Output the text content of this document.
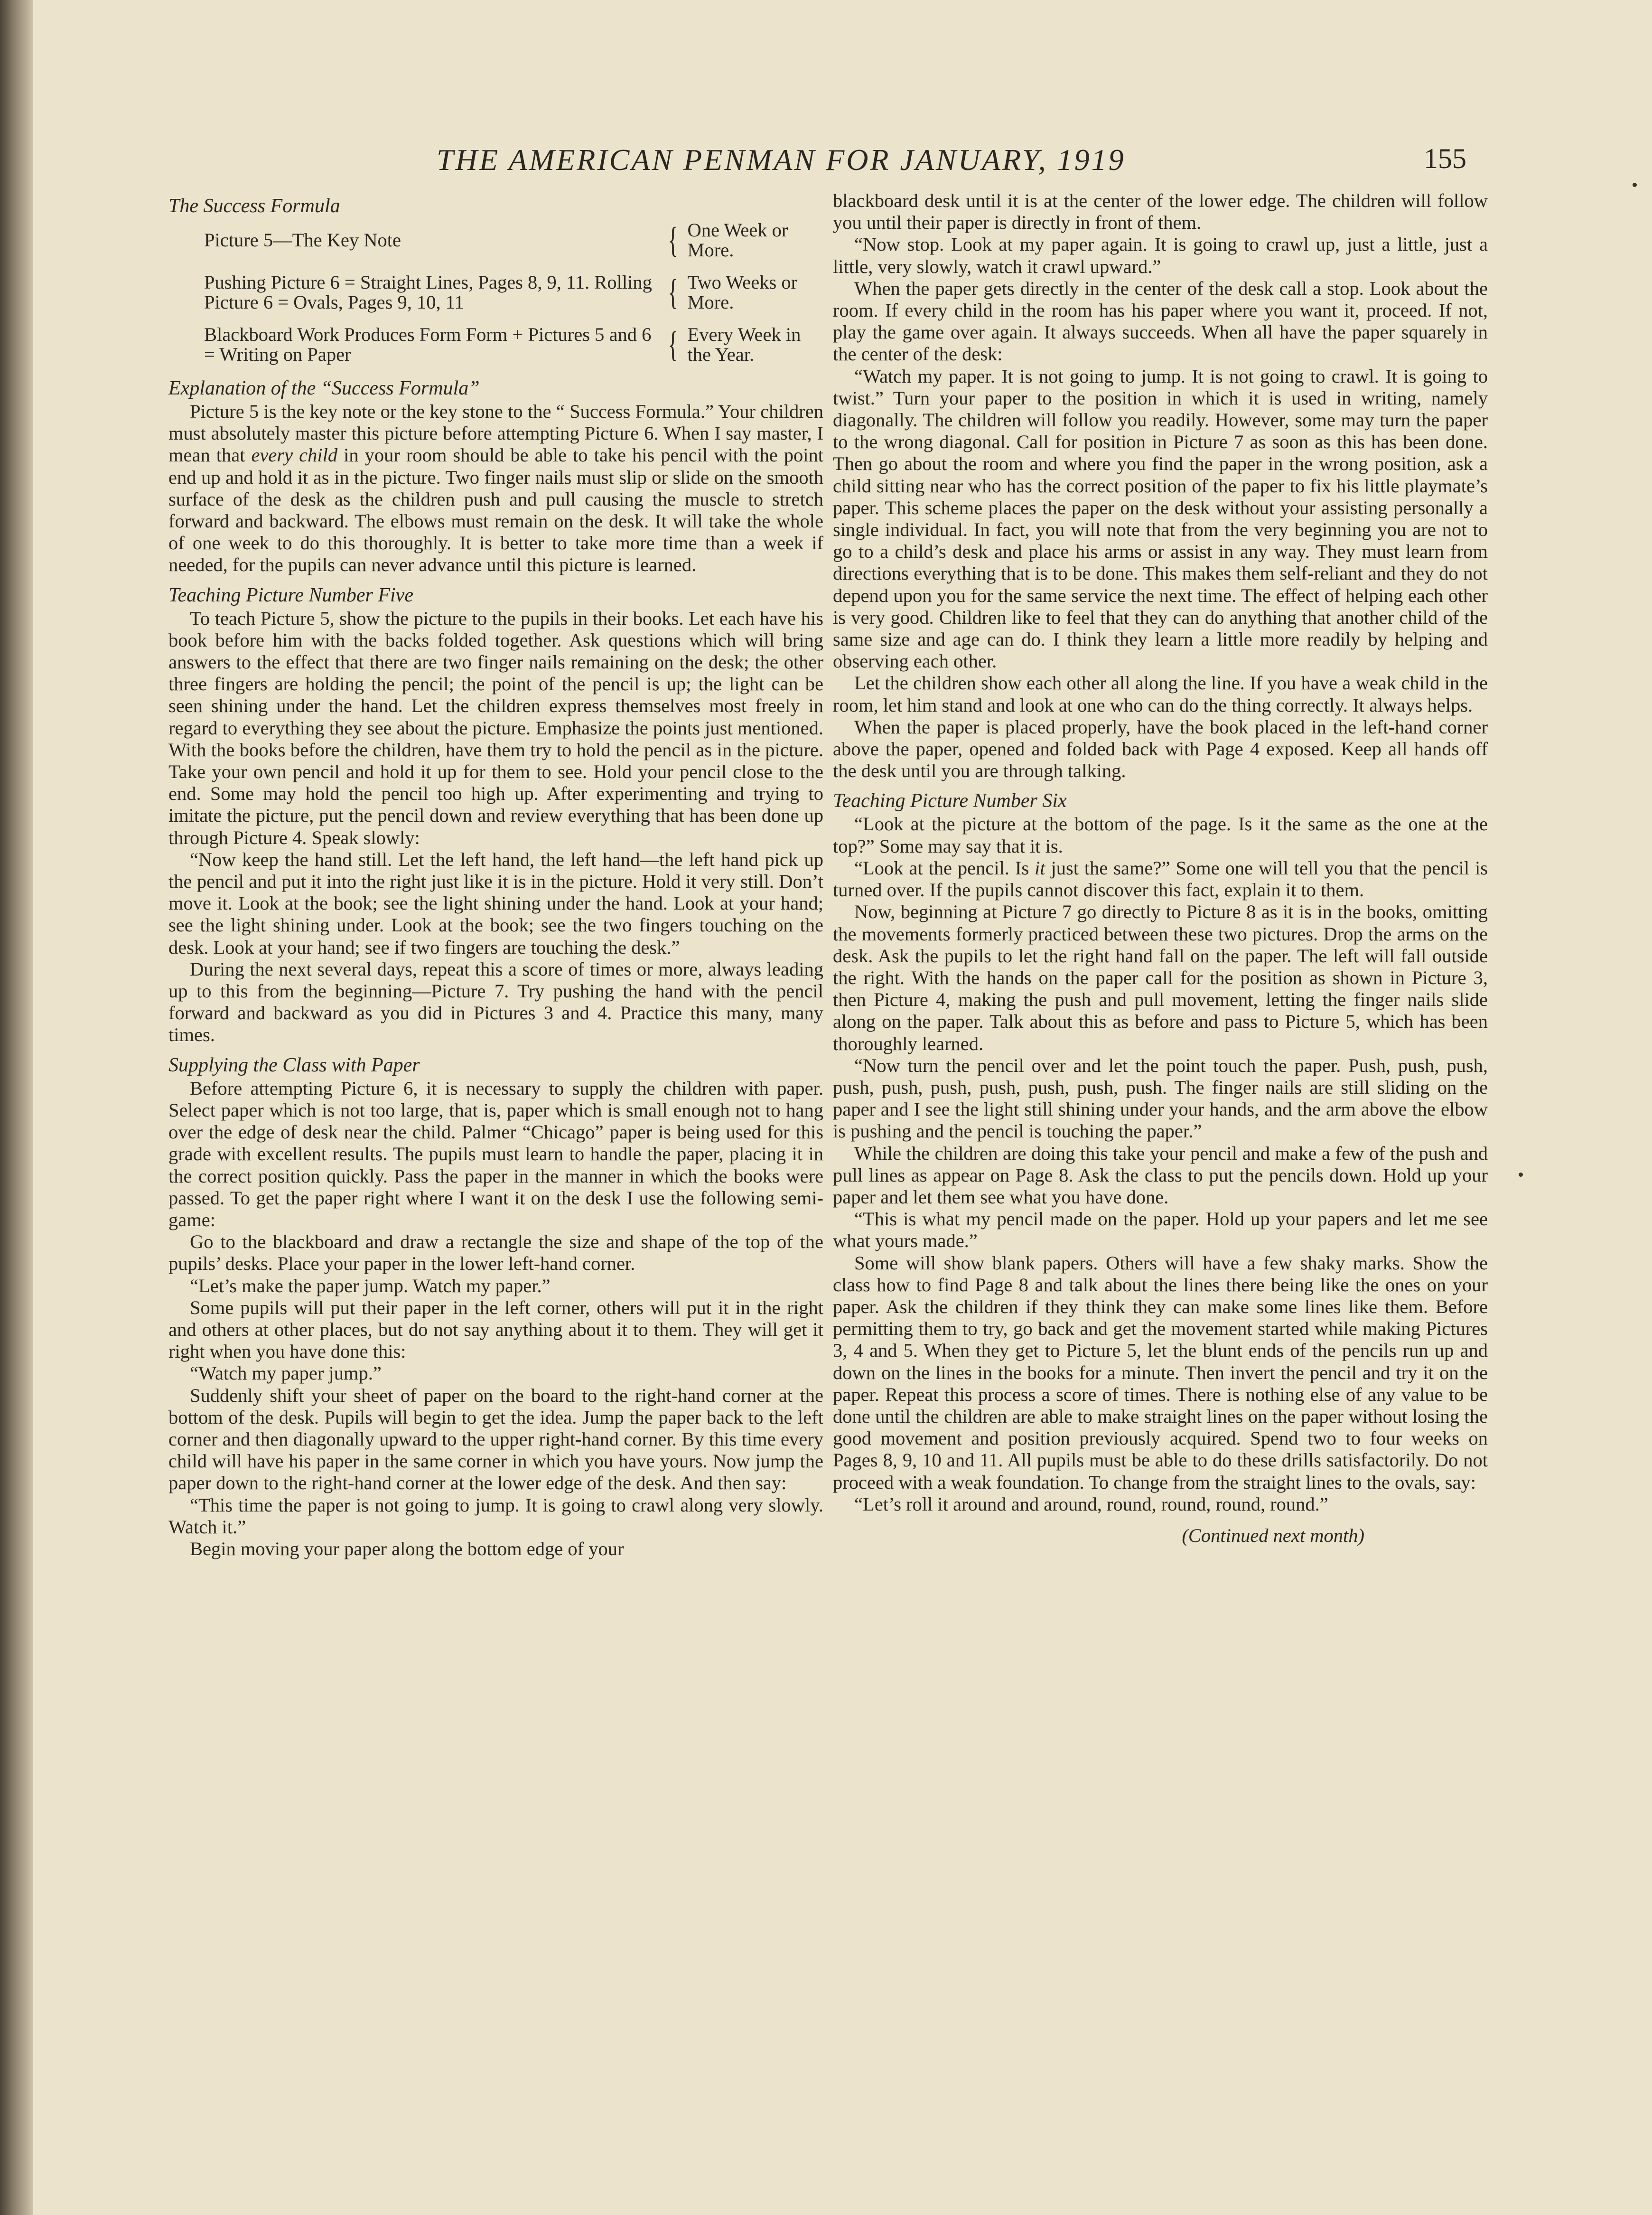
THE AMERICAN PENMAN FOR JANUARY, 1919	155
The Success Formula
Picture 5—The Key Note	{ One Week or More.
Pushing Picture 6 = Straight Lines, Pages 8, 9, 11. Rolling Picture 6 = Ovals, Pages 9, 10, 11	{ Two Weeks or More.
Blackboard Work Produces Form Form + Pictures 5 and 6 = Writing on Paper	{ Every Week in the Year.
Explanation of the “Success Formula”

Picture 5 is the key note or the key stone to the “ Success Formula.” Your children must absolutely master this picture before attempting Picture 6. When I say master, I mean that every child in your room should be able to take his pencil with the point end up and hold it as in the picture. Two finger nails must slip or slide on the smooth surface of the desk as the children push and pull causing the muscle to stretch forward and backward. The elbows must remain on the desk. It will take the whole of one week to do this thoroughly. It is better to take more time than a week if needed, for the pupils can never advance until this picture is learned.

Teaching Picture Number Five

To teach Picture 5, show the picture to the pupils in their books. Let each have his book before him with the backs folded together. Ask questions which will bring answers to the effect that there are two finger nails remaining on the desk; the other three fingers are holding the pencil; the point of the pencil is up; the light can be seen shining under the hand. Let the children express themselves most freely in regard to everything they see about the picture. Emphasize the points just mentioned. With the books before the children, have them try to hold the pencil as in the picture. Take your own pencil and hold it up for them to see. Hold your pencil close to the end. Some may hold the pencil too high up. After experimenting and trying to imitate the picture, put the pencil down and review everything that has been done up through Picture 4. Speak slowly:

“Now keep the hand still. Let the left hand, the left hand—the left hand pick up the pencil and put it into the right just like it is in the picture. Hold it very still. Don’t move it. Look at the book; see the light shining under the hand. Look at your hand; see the light shining under. Look at the book; see the two fingers touching on the desk. Look at your hand; see if two fingers are touching the desk.”

During the next several days, repeat this a score of times or more, always leading up to this from the beginning—Picture 7. Try pushing the hand with the pencil forward and backward as you did in Pictures 3 and 4. Practice this many, many times.

Supplying the Class with Paper

Before attempting Picture 6, it is necessary to supply the children with paper. Select paper which is not too large, that is, paper which is small enough not to hang over the edge of desk near the child. Palmer “Chicago” paper is being used for this grade with excellent results. The pupils must learn to handle the paper, placing it in the correct position quickly. Pass the paper in the manner in which the books were passed. To get the paper right where I want it on the desk I use the following semi-game:

Go to the blackboard and draw a rectangle the size and shape of the top of the pupils’ desks. Place your paper in the lower left-hand corner.

“Let’s make the paper jump. Watch my paper.”

Some pupils will put their paper in the left corner, others will put it in the right and others at other places, but do not say anything about it to them. They will get it right when you have done this:

“Watch my paper jump.”

Suddenly shift your sheet of paper on the board to the right-hand corner at the bottom of the desk. Pupils will begin to get the idea. Jump the paper back to the left corner and then diagonally upward to the upper right-hand corner. By this time every child will have his paper in the same corner in which you have yours. Now jump the paper down to the right-hand corner at the lower edge of the desk. And then say:

“This time the paper is not going to jump. It is going to crawl along very slowly. Watch it.”

Begin moving your paper along the bottom edge of your

blackboard desk until it is at the center of the lower edge. The children will follow you until their paper is directly in front of them.

“Now stop. Look at my paper again. It is going to crawl up, just a little, just a little, very slowly, watch it crawl upward.”

When the paper gets directly in the center of the desk call a stop. Look about the room. If every child in the room has his paper where you want it, proceed. If not, play the game over again. It always succeeds. When all have the paper squarely in the center of the desk:

“Watch my paper. It is not going to jump. It is not going to crawl. It is going to twist.” Turn your paper to the position in which it is used in writing, namely diagonally. The children will follow you readily. However, some may turn the paper to the wrong diagonal. Call for position in Picture 7 as soon as this has been done. Then go about the room and where you find the paper in the wrong position, ask a child sitting near who has the correct position of the paper to fix his little playmate’s paper. This scheme places the paper on the desk without your assisting personally a single individual. In fact, you will note that from the very beginning you are not to go to a child’s desk and place his arms or assist in any way. They must learn from directions everything that is to be done. This makes them self-reliant and they do not depend upon you for the same service the next time. The effect of helping each other is very good. Children like to feel that they can do anything that another child of the same size and age can do. I think they learn a little more readily by helping and observing each other.

Let the children show each other all along the line. If you have a weak child in the room, let him stand and look at one who can do the thing correctly. It always helps.

When the paper is placed properly, have the book placed in the left-hand corner above the paper, opened and folded back with Page 4 exposed. Keep all hands off the desk until you are through talking.

Teaching Picture Number Six

“Look at the picture at the bottom of the page. Is it the same as the one at the top?” Some may say that it is.

“Look at the pencil. Is it just the same?” Some one will tell you that the pencil is turned over. If the pupils cannot discover this fact, explain it to them.

Now, beginning at Picture 7 go directly to Picture 8 as it is in the books, omitting the movements formerly practiced between these two pictures. Drop the arms on the desk. Ask the pupils to let the right hand fall on the paper. The left will fall outside the right. With the hands on the paper call for the position as shown in Picture 3, then Picture 4, making the push and pull movement, letting the finger nails slide along on the paper. Talk about this as before and pass to Picture 5, which has been thoroughly learned.

“Now turn the pencil over and let the point touch the paper. Push, push, push, push, push, push, push, push, push, push. The finger nails are still sliding on the paper and I see the light still shining under your hands, and the arm above the elbow is pushing and the pencil is touching the paper.”

While the children are doing this take your pencil and make a few of the push and pull lines as appear on Page 8. Ask the class to put the pencils down. Hold up your paper and let them see what you have done.

“This is what my pencil made on the paper. Hold up your papers and let me see what yours made.”

Some will show blank papers. Others will have a few shaky marks. Show the class how to find Page 8 and talk about the lines there being like the ones on your paper. Ask the children if they think they can make some lines like them. Before permitting them to try, go back and get the movement started while making Pictures 3, 4 and 5. When they get to Picture 5, let the blunt ends of the pencils run up and down on the lines in the books for a minute. Then invert the pencil and try it on the paper. Repeat this process a score of times. There is nothing else of any value to be done until the children are able to make straight lines on the paper without losing the good movement and position previously acquired. Spend two to four weeks on Pages 8, 9, 10 and 11. All pupils must be able to do these drills satisfactorily. Do not proceed with a weak foundation. To change from the straight lines to the ovals, say:

“Let’s roll it around and around, round, round, round, round.”

(Continued next month)
